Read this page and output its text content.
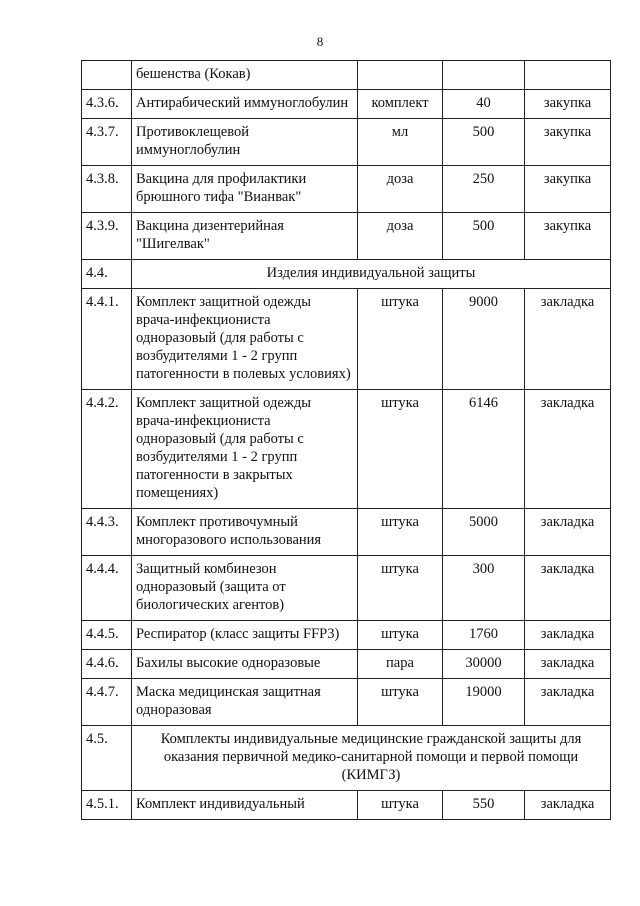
8
	бешенства (Кокав)			
4.3.6.	Антирабический иммуноглобулин	комплект	40	закупка
4.3.7.	Противоклещевой иммуноглобулин	мл	500	закупка
4.3.8.	Вакцина для профилактики брюшного тифа "Вианвак"	доза	250	закупка
4.3.9.	Вакцина дизентерийная "Шигелвак"	доза	500	закупка
4.4.	Изделия индивидуальной защиты			
4.4.1.	Комплект защитной одежды врача-инфекциониста одноразовый (для работы с возбудителями 1 - 2 групп патогенности в полевых условиях)	штука	9000	закладка
4.4.2.	Комплект защитной одежды врача-инфекциониста одноразовый (для работы с возбудителями 1 - 2 групп патогенности в закрытых помещениях)	штука	6146	закладка
4.4.3.	Комплект противочумный многоразового использования	штука	5000	закладка
4.4.4.	Защитный комбинезон одноразовый (защита от биологических агентов)	штука	300	закладка
4.4.5.	Респиратор (класс защиты FFP3)	штука	1760	закладка
4.4.6.	Бахилы высокие одноразовые	пара	30000	закладка
4.4.7.	Маска медицинская защитная одноразовая	штука	19000	закладка
4.5.	Комплекты индивидуальные медицинские гражданской защиты для оказания первичной медико-санитарной помощи и первой помощи (КИМГЗ)			
4.5.1.	Комплект индивидуальный	штука	550	закладка
